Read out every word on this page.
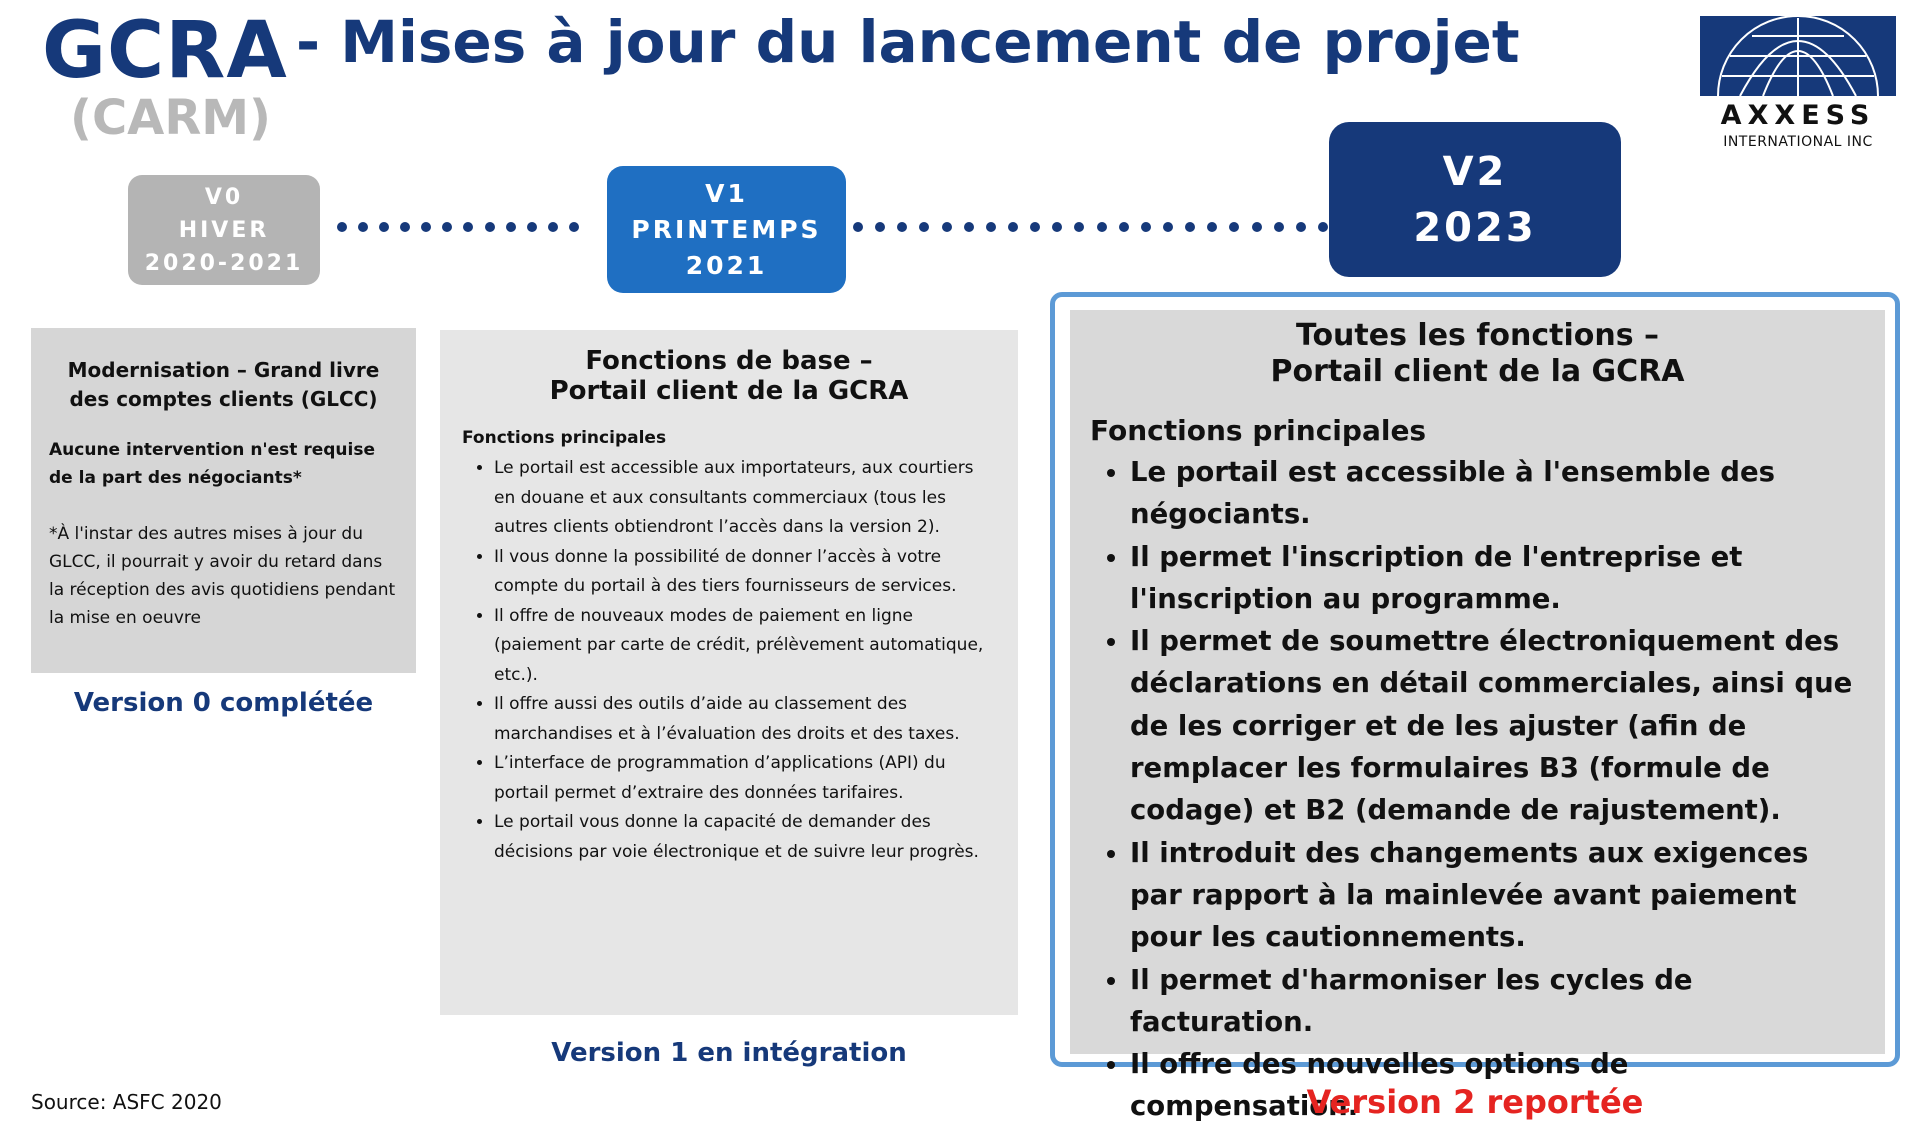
GCRA - Mises à jour du lancement de projet
(CARM)	AXXESS
INTERNATIONAL INC
V0
HIVER
2020-2021
V1
PRINTEMPS
2021
V2
2023
Modernisation – Grand livre des comptes clients (GLCC)
Aucune intervention n'est requise de la part des négociants*
*À l'instar des autres mises à jour du GLCC, il pourrait y avoir du retard dans la réception des avis quotidiens pendant la mise en oeuvre
Version 0 complétée
Fonctions de base –
Portail client de la GCRA
Fonctions principales
• Le portail est accessible aux importateurs, aux courtiers en douane et aux consultants commerciaux (tous les autres clients obtiendront l’accès dans la version 2).
• Il vous donne la possibilité de donner l’accès à votre compte du portail à des tiers fournisseurs de services.
• Il offre de nouveaux modes de paiement en ligne (paiement par carte de crédit, prélèvement automatique, etc.).
• Il offre aussi des outils d’aide au classement des marchandises et à l’évaluation des droits et des taxes.
• L’interface de programmation d’applications (API) du portail permet d’extraire des données tarifaires.
• Le portail vous donne la capacité de demander des décisions par voie électronique et de suivre leur progrès.
Version 1 en intégration
Toutes les fonctions –
Portail client de la GCRA
Fonctions principales
• Le portail est accessible à l'ensemble des négociants.
• Il permet l'inscription de l'entreprise et l'inscription au programme.
• Il permet de soumettre électroniquement des déclarations en détail commerciales, ainsi que de les corriger et de les ajuster (afin de remplacer les formulaires B3 (formule de codage) et B2 (demande de rajustement).
• Il introduit des changements aux exigences par rapport à la mainlevée avant paiement pour les cautionnements.
• Il permet d'harmoniser les cycles de facturation.
• Il offre des nouvelles options de compensation.
Version 2 reportée
Source: ASFC 2020
